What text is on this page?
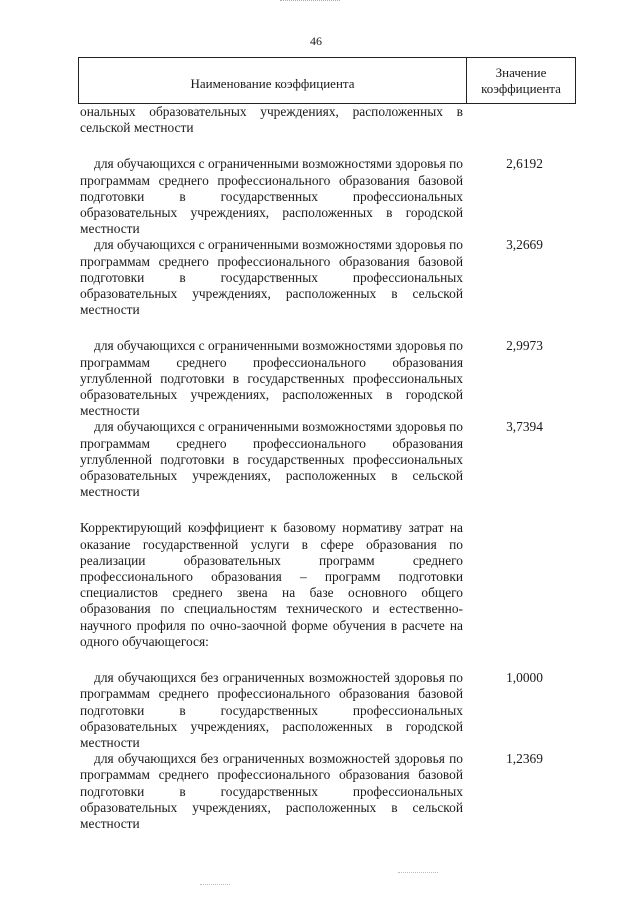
46
Наименование коэффициента
Значение
коэффициента
ональных образовательных учреждениях, расположенных в сельской местности
для обучающихся с ограниченными возможностями здоровья по программам среднего профессионального образования базовой подготовки в государственных профессиональных образовательных учреждениях, расположенных в городской местности
2,6192
для обучающихся с ограниченными возможностями здоровья по программам среднего профессионального образования базовой подготовки в государственных профессиональных образовательных учреждениях, расположенных в сельской местности
3,2669
для обучающихся с ограниченными возможностями здоровья по программам среднего профессионального образования углубленной подготовки в государственных профессиональных образовательных учреждениях, расположенных в городской местности
2,9973
для обучающихся с ограниченными возможностями здоровья по программам среднего профессионального образования углубленной подготовки в государственных профессиональных образовательных учреждениях, расположенных в сельской местности
3,7394
Корректирующий коэффициент к базовому нормативу затрат на оказание государственной услуги в сфере образования по реализации образовательных программ среднего профессионального образования – программ подготовки специалистов среднего звена на базе основного общего образования по специальностям технического и естественно-научного профиля по очно-заочной форме обучения в расчете на одного обучающегося:
для обучающихся без ограниченных возможностей здоровья по программам среднего профессионального образования базовой подготовки в государственных профессиональных образовательных учреждениях, расположенных в городской местности
1,0000
для обучающихся без ограниченных возможностей здоровья по программам среднего профессионального образования базовой подготовки в государственных профессиональных образовательных учреждениях, расположенных в сельской местности
1,2369
